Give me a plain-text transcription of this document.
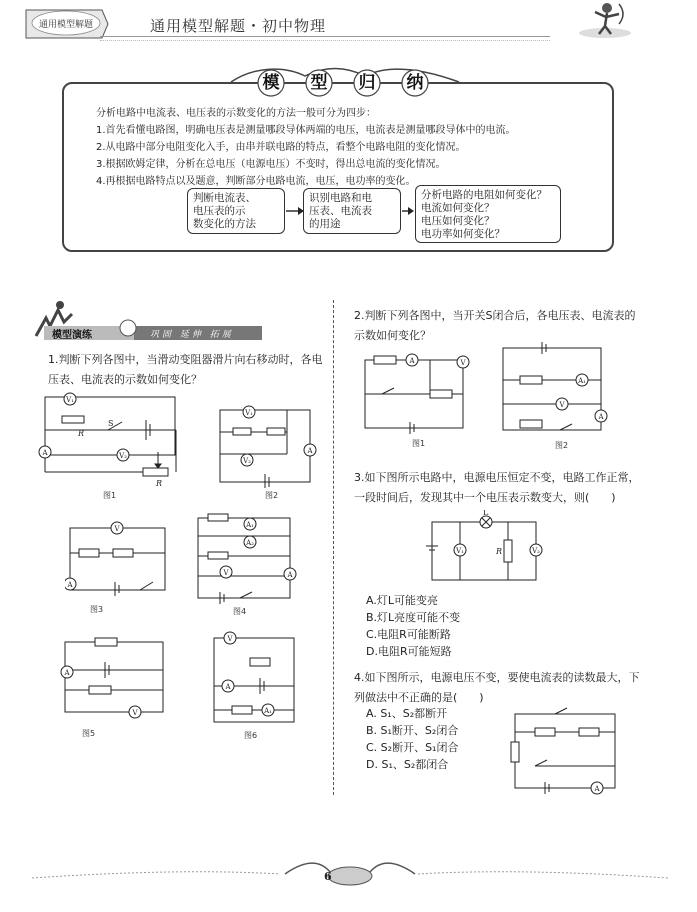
通用模型解题	通用模型解题・初中物理
模 型 归 纳
分析电路中电流表、电压表的示数变化的方法一般可分为四步：
1.首先看懂电路图，明确电压表是测量哪段导体两端的电压，电流表是测量哪段导体中的电流。
2.从电路中部分电阻变化入手，由串并联电路的特点，看整个电路电阻的变化情况。
3.根据欧姆定律，分析在总电压（电源电压）不变时，得出总电流的变化情况。
4.再根据电路特点以及题意，判断部分电路电流，电压，电功率的变化。
判断电流表、
电压表的示
数变化的方法
识别电路和电
压表、电流表
的用途
分析电路的电阻如何变化？
电流如何变化？
电压如何变化？
电功率如何变化？
模型演练	巩固 延伸 拓展
1.判断下列各图中，当滑动变阻器滑片向右移动时，各电
压表、电流表的示数如何变化？
V₁
A	V₂
R
S
R
图1
V₁
V₂
A
图2
V
A
图3
A₁
A₂
V	A
图4
A
V
图5
V
A
A₁
图6
2.判断下列各图中，当开关S闭合后，各电压表、电流表的
示数如何变化？
A	V
图1
A₁
V
A
图2
3.如下图所示电路中，电源电压恒定不变，电路工作正常，
一段时间后，发现其中一个电压表示数变大，则(　　)
L
V₁	R	V₂
A.灯L可能变亮
B.灯L亮度可能不变
C.电阻R可能断路
D.电阻R可能短路
4.如下图所示，电源电压不变，要使电流表的读数最大，下
列做法中不正确的是(　　)
A. S₁、S₂都断开
B. S₁断开、S₂闭合
C. S₂断开、S₁闭合
D. S₁、S₂都闭合
A
6
